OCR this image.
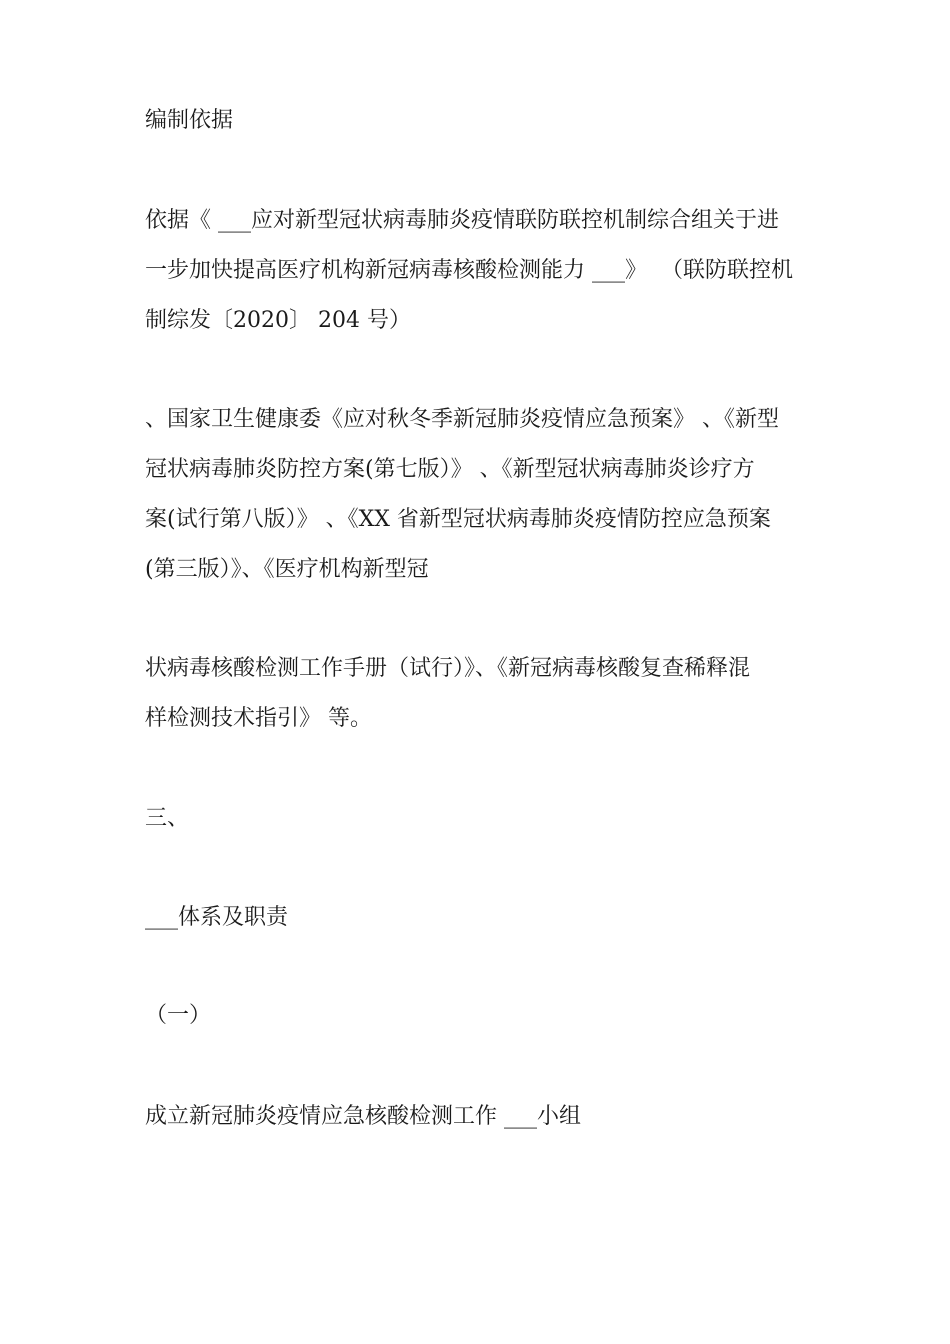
编制依据
依据《 ___应对新型冠状病毒肺炎疫情联防联控机制综合组关于进
一步加快提高医疗机构新冠病毒核酸检测能力 ___》  （联防联控机
制综发〔2020〕 204 号）
、国家卫生健康委《应对秋冬季新冠肺炎疫情应急预案》 、《新型
冠状病毒肺炎防控方案(第七版）》 、《新型冠状病毒肺炎诊疗方
案(试行第八版）》 、《XX 省新型冠状病毒肺炎疫情防控应急预案
(第三版）》、《医疗机构新型冠
状病毒核酸检测工作手册（试行）》、《新冠病毒核酸复查稀释混
样检测技术指引》 等。
三、
___体系及职责
（一）
成立新冠肺炎疫情应急核酸检测工作 ___小组
